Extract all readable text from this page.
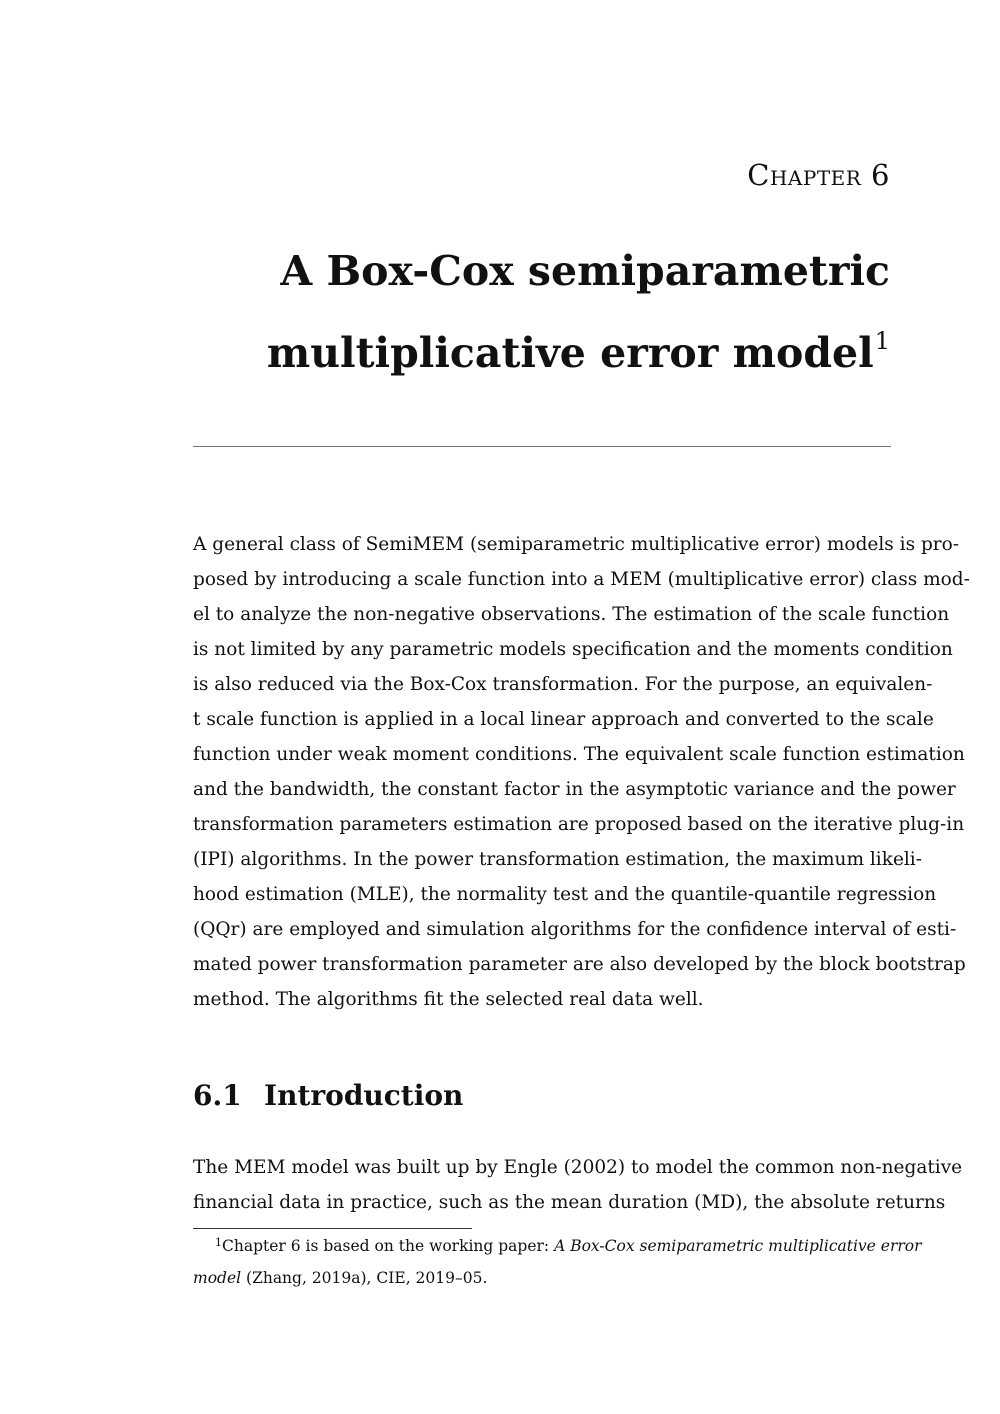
Chapter 6
A Box-Cox semiparametric
multiplicative error model$^1$
A general class of SemiMEM (semiparametric multiplicative error) models is pro-
posed by introducing a scale function into a MEM (multiplicative error) class mod-
el to analyze the non-negative observations. The estimation of the scale function
is not limited by any parametric models specification and the moments condition
is also reduced via the Box-Cox transformation. For the purpose, an equivalen-
t scale function is applied in a local linear approach and converted to the scale
function under weak moment conditions. The equivalent scale function estimation
and the bandwidth, the constant factor in the asymptotic variance and the power
transformation parameters estimation are proposed based on the iterative plug-in
(IPI) algorithms. In the power transformation estimation, the maximum likeli-
hood estimation (MLE), the normality test and the quantile-quantile regression
(QQr) are employed and simulation algorithms for the confidence interval of esti-
mated power transformation parameter are also developed by the block bootstrap
method. The algorithms fit the selected real data well.
6.1 Introduction
The MEM model was built up by Engle (2002) to model the common non-negative
financial data in practice, such as the mean duration (MD), the absolute returns
$^1$Chapter 6 is based on the working paper: A Box-Cox semiparametric multiplicative error
model (Zhang, 2019a), CIE, 2019–05.
